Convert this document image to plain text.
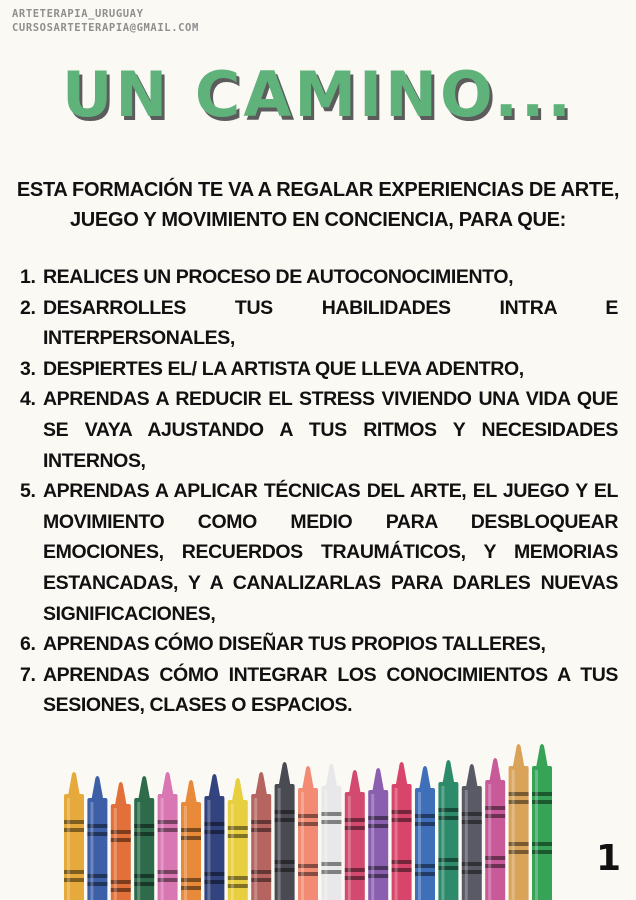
ARTETERAPIA_URUGUAY
CURSOSARTETERAPIA@GMAIL.COM
UN CAMINO...
ESTA FORMACIÓN TE VA A REGALAR EXPERIENCIAS DE ARTE,
JUEGO Y MOVIMIENTO EN CONCIENCIA, PARA QUE:
1. REALICES UN PROCESO DE AUTOCONOCIMIENTO,
2. DESARROLLES TUS HABILIDADES INTRA E INTERPERSONALES,
3. DESPIERTES EL/ LA ARTISTA QUE LLEVA ADENTRO,
4. APRENDAS A REDUCIR EL STRESS VIVIENDO UNA VIDA QUE SE VAYA AJUSTANDO A TUS RITMOS Y NECESIDADES INTERNOS,
5. APRENDAS A APLICAR TÉCNICAS DEL ARTE, EL JUEGO Y EL MOVIMIENTO COMO MEDIO PARA DESBLOQUEAR EMOCIONES, RECUERDOS TRAUMÁTICOS, Y MEMORIAS ESTANCADAS, Y A CANALIZARLAS PARA DARLES NUEVAS SIGNIFICACIONES,
6. APRENDAS CÓMO DISEÑAR TUS PROPIOS TALLERES,
7. APRENDAS CÓMO INTEGRAR LOS CONOCIMIENTOS A TUS SESIONES, CLASES O ESPACIOS.
1
